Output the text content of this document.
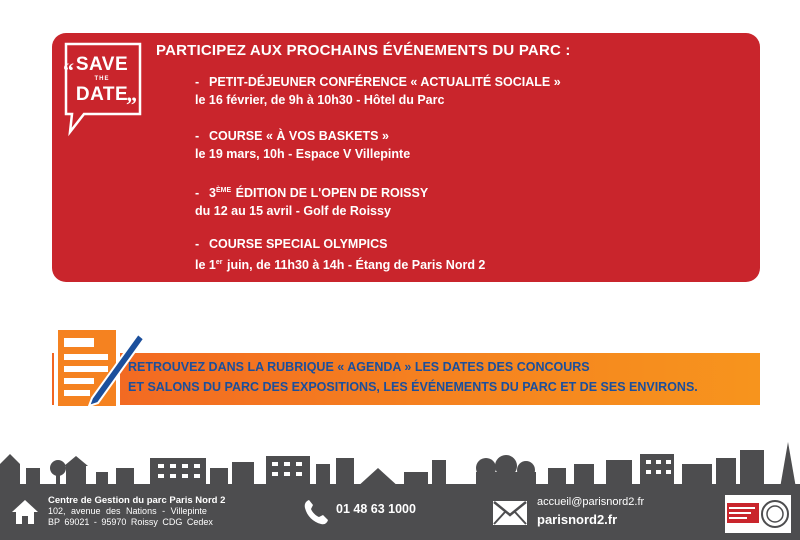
“
”
SAVE
THE
DATE
PARTICIPEZ AUX PROCHAINS ÉVÉNEMENTS DU PARC :
- PETIT-DÉJEUNER CONFÉRENCE « ACTUALITÉ SOCIALE »
le 16 février, de 9h à 10h30 - Hôtel du Parc
- COURSE « À VOS BASKETS »
le 19 mars, 10h - Espace V Villepinte
- 3ÈME ÉDITION DE L'OPEN DE ROISSY
du 12 au 15 avril - Golf de Roissy
- COURSE SPECIAL OLYMPICS
le 1er juin, de 11h30 à 14h - Étang de Paris Nord 2
RETROUVEZ DANS LA RUBRIQUE « AGENDA » LES DATES DES CONCOURS
ET SALONS DU PARC DES EXPOSITIONS, LES ÉVÉNEMENTS DU PARC ET DE SES ENVIRONS.
Centre de Gestion du parc Paris Nord 2
102, avenue des Nations - Villepinte
BP 69021 - 95970 Roissy CDG Cedex
01 48 63 1000	accueil@parisnord2.fr
parisnord2.fr
